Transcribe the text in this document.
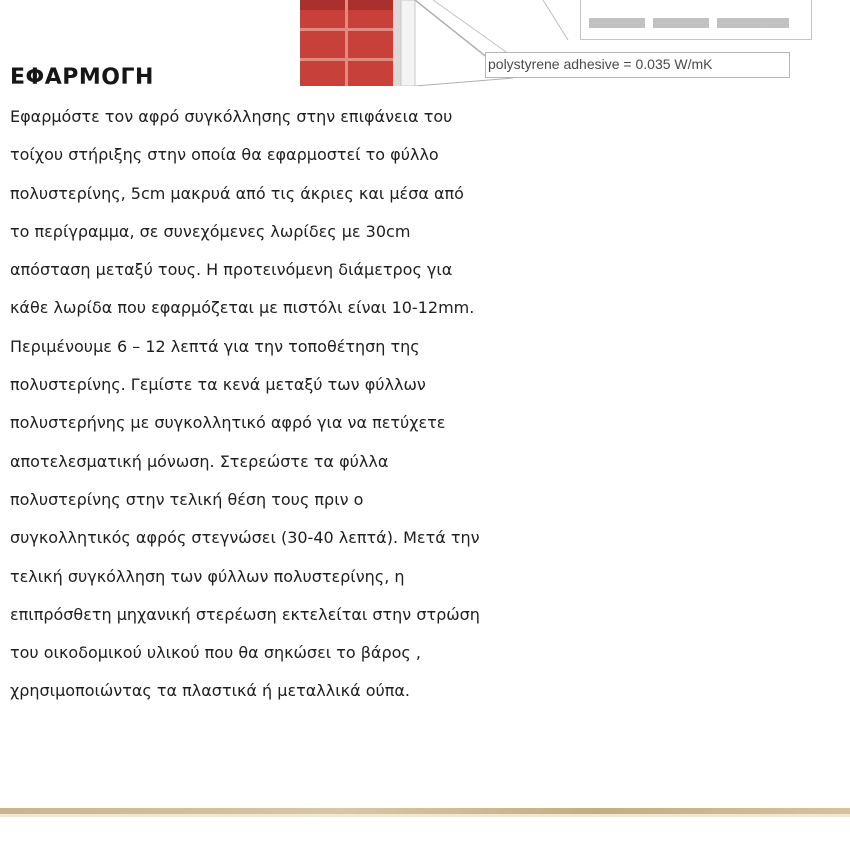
polystyrene adhesive = 0.035 W/mK
ΕΦΑΡΜΟΓΗ
Εφαρμόστε τον αφρό συγκόλλησης στην επιφάνεια του
τοίχου στήριξης στην οποία θα εφαρμοστεί το φύλλο
πολυστερίνης, 5cm μακρυά από τις άκριες και μέσα από
το περίγραμμα, σε συνεχόμενες λωρίδες με 30cm
απόσταση μεταξύ τους. Η προτεινόμενη διάμετρος για
κάθε λωρίδα που εφαρμόζεται με πιστόλι είναι 10-12mm.
Περιμένουμε 6 – 12 λεπτά για την τοποθέτηση της
πολυστερίνης. Γεμίστε τα κενά μεταξύ των φύλλων
πολυστερήνης με συγκολλητικό αφρό για να πετύχετε
αποτελεσματική μόνωση. Στερεώστε τα φύλλα
πολυστερίνης στην τελική θέση τους πριν ο
συγκολλητικός αφρός στεγνώσει (30-40 λεπτά). Μετά την
τελική συγκόλληση των φύλλων πολυστερίνης, η
επιπρόσθετη μηχανική στερέωση εκτελείται στην στρώση
του οικοδομικού υλικού που θα σηκώσει το βάρος ,
χρησιμοποιώντας τα πλαστικά ή μεταλλικά ούπα.
